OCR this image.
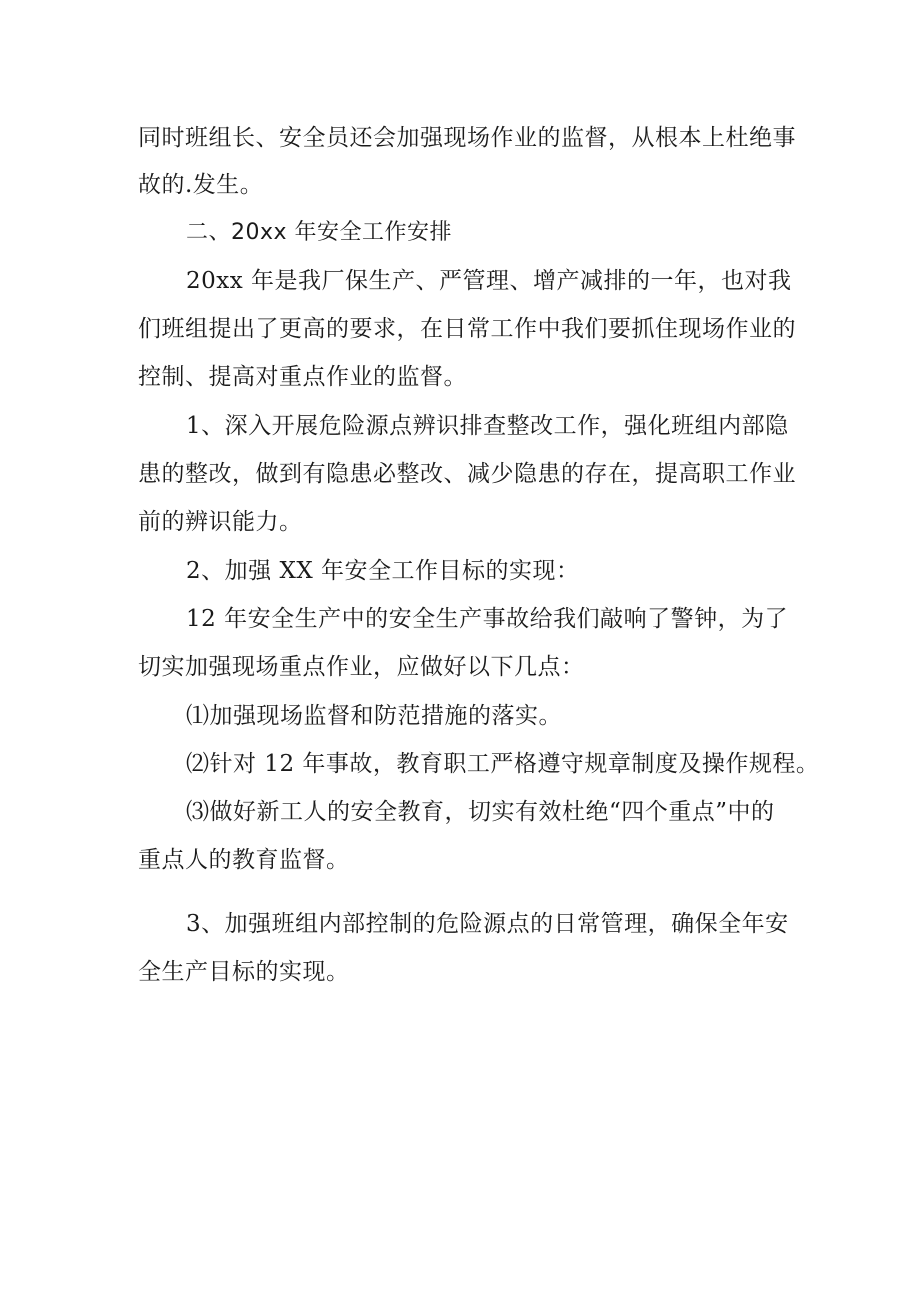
同时班组长、安全员还会加强现场作业的监督，从根本上杜绝事
故的.发生。
二、20xx 年安全工作安排
20xx 年是我厂保生产、严管理、增产减排的一年，也对我
们班组提出了更高的要求，在日常工作中我们要抓住现场作业的
控制、提高对重点作业的监督。
1、深入开展危险源点辨识排查整改工作，强化班组内部隐
患的整改，做到有隐患必整改、减少隐患的存在，提高职工作业
前的辨识能力。
2、加强 XX 年安全工作目标的实现：
12 年安全生产中的安全生产事故给我们敲响了警钟，为了
切实加强现场重点作业，应做好以下几点：
⑴加强现场监督和防范措施的落实。
⑵针对 12 年事故，教育职工严格遵守规章制度及操作规程。
⑶做好新工人的安全教育，切实有效杜绝“四个重点”中的
重点人的教育监督。
3、加强班组内部控制的危险源点的日常管理，确保全年安
全生产目标的实现。
